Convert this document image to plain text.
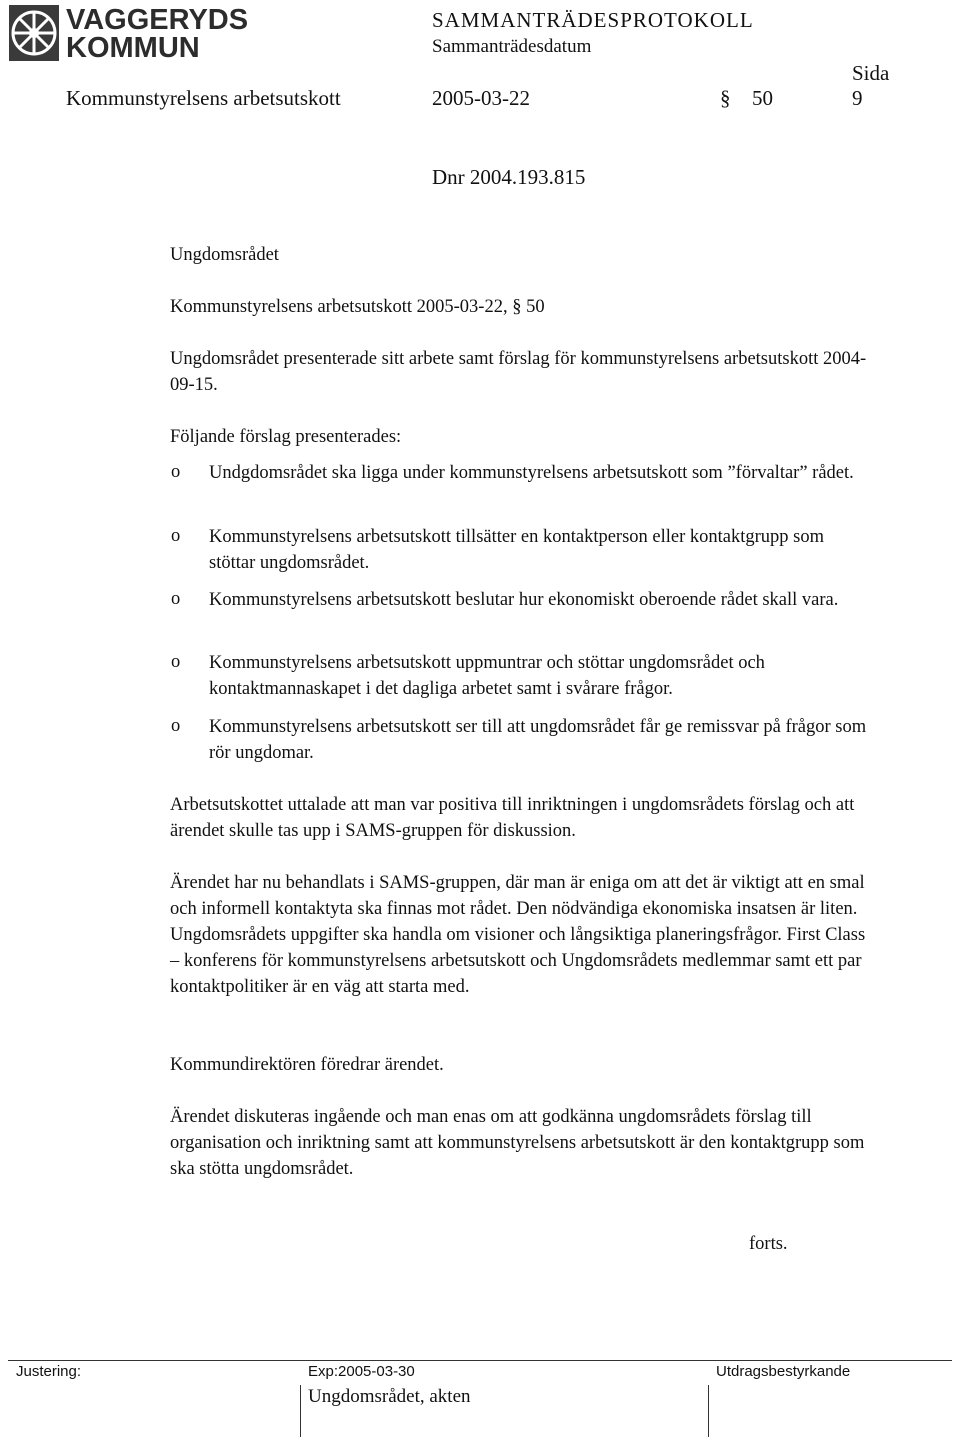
VAGGERYDS
KOMMUN
SAMMANTRÄDESPROTOKOLL
Sammanträdesdatum
Sida
Kommunstyrelsens arbetsutskott	2005-03-22	§ 50	9
Dnr 2004.193.815
Ungdomsrådet
Kommunstyrelsens arbetsutskott 2005-03-22, § 50
Ungdomsrådet presenterade sitt arbete samt förslag för kommunstyrelsens arbetsutskott 2004-09-15.
Följande förslag presenterades:
o Undgdomsrådet ska ligga under kommunstyrelsens arbetsutskott som ”förvaltar” rådet.
o Kommunstyrelsens arbetsutskott tillsätter en kontaktperson eller kontaktgrupp som stöttar ungdomsrådet.
o Kommunstyrelsens arbetsutskott beslutar hur ekonomiskt oberoende rådet skall vara.
o Kommunstyrelsens arbetsutskott uppmuntrar och stöttar ungdomsrådet och kontaktmannaskapet i det dagliga arbetet samt i svårare frågor.
o Kommunstyrelsens arbetsutskott ser till att ungdomsrådet får ge remissvar på frågor som rör ungdomar.
Arbetsutskottet uttalade att man var positiva till inriktningen i ungdomsrådets förslag och att ärendet skulle tas upp i SAMS-gruppen för diskussion.
Ärendet har nu behandlats i SAMS-gruppen, där man är eniga om att det är viktigt att en smal och informell kontaktyta ska finnas mot rådet. Den nödvändiga ekonomiska insatsen är liten. Ungdomsrådets uppgifter ska handla om visioner och långsiktiga planeringsfrågor. First Class – konferens för kommunstyrelsens arbetsutskott och Ungdomsrådets medlemmar samt ett par kontaktpolitiker är en väg att starta med.
Kommundirektören föredrar ärendet.
Ärendet diskuteras ingående och man enas om att godkänna ungdomsrådets förslag till organisation och inriktning samt att kommunstyrelsens arbetsutskott är den kontaktgrupp som ska stötta ungdomsrådet.
forts.
Justering:	Exp:2005-03-30	Utdragsbestyrkande
Ungdomsrådet, akten
